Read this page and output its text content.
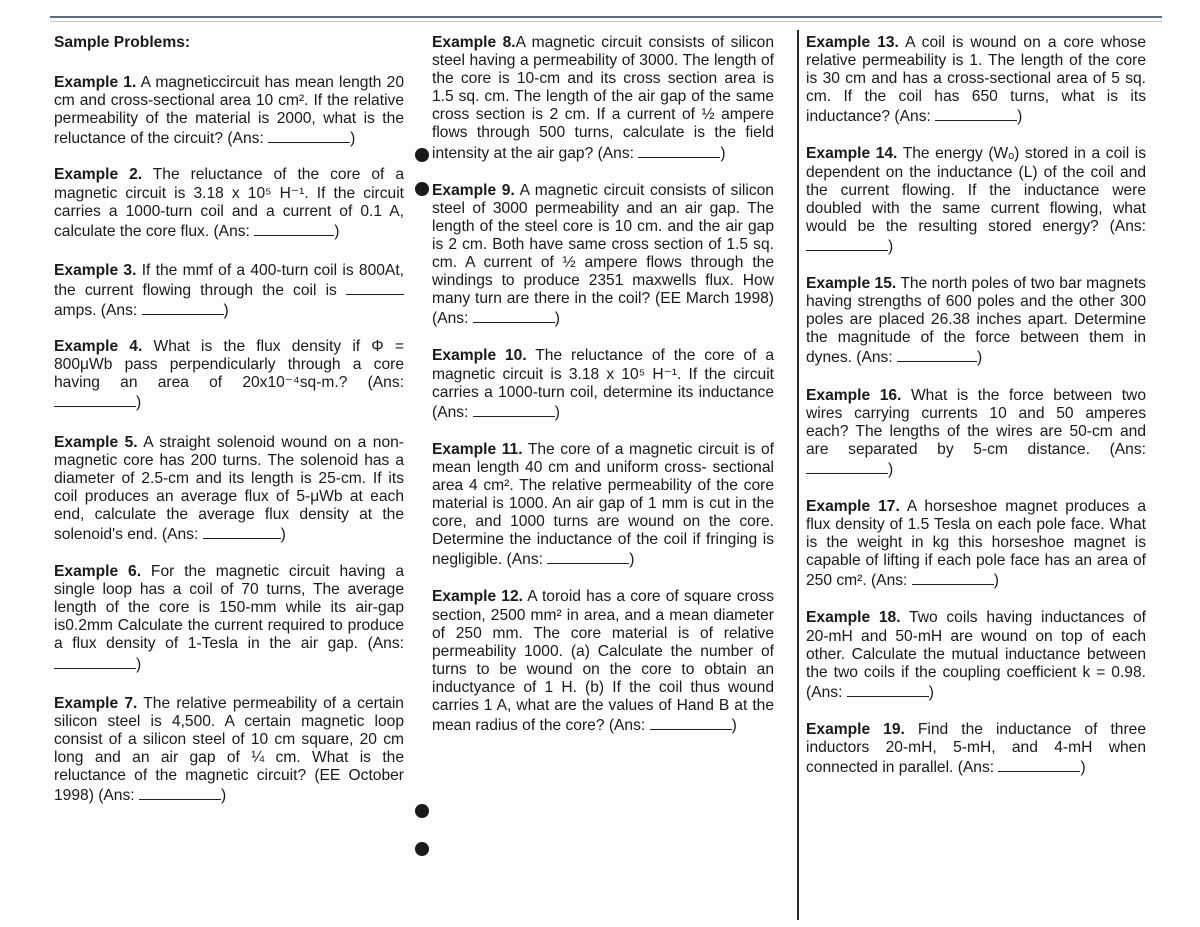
Sample Problems:
Example 1. A magneticcircuit has mean length 20 cm and cross-sectional area 10 cm². If the relative permeability of the material is 2000, what is the reluctance of the circuit? (Ans:	)
Example 2. The reluctance of the core of a magnetic circuit is 3.18 x 10⁵ H⁻¹. If the circuit carries a 1000-turn coil and a current of 0.1 A, calculate the core flux. (Ans:	)
Example 3. If the mmf of a 400-turn coil is 800At, the current flowing through the coil is  amps. (Ans:	)
Example 4. What is the flux density if Φ = 800μWb pass perpendicularly through a core having an area of 20x10⁻⁴sq-m.? (Ans: )
Example 5. A straight solenoid wound on a non-magnetic core has 200 turns. The solenoid has a diameter of 2.5-cm and its length is 25-cm. If its coil produces an average flux of 5-μWb at each end, calculate the average flux density at the solenoid's end. (Ans:	)
Example 6. For the magnetic circuit having a single loop has a coil of 70 turns, The average length of the core is 150-mm while its air-gap is0.2mm Calculate the current required to produce a flux density of 1-Tesla in the air gap. (Ans: )
Example 7. The relative permeability of a certain silicon steel is 4,500. A certain magnetic loop consist of a silicon steel of 10 cm square, 20 cm long and an air gap of ¼ cm. What is the reluctance of the magnetic circuit? (EE October 1998) (Ans:	)
Example 8.A magnetic circuit consists of silicon steel having a permeability of 3000. The length of the core is 10-cm and its cross section area is 1.5 sq. cm. The length of the air gap of the same cross section is 2 cm. If a current of ½ ampere flows through 500 turns, calculate is the field intensity at the air gap? (Ans:	)
Example 9. A magnetic circuit consists of silicon steel of 3000 permeability and an air gap. The length of the steel core is 10 cm. and the air gap is 2 cm. Both have same cross section of 1.5 sq. cm. A current of ½ ampere flows through the windings to produce 2351 maxwells flux. How many turn are there in the coil? (EE March 1998) (Ans:	)
Example 10. The reluctance of the core of a magnetic circuit is 3.18 x 10⁵ H⁻¹. If the circuit carries a 1000-turn coil, determine its inductance (Ans:	)
Example 11. The core of a magnetic circuit is of mean length 40 cm and uniform cross- sectional area 4 cm². The relative permeability of the core material is 1000. An air gap of 1 mm is cut in the core, and 1000 turns are wound on the core. Determine the inductance of the coil if fringing is negligible. (Ans:	)
Example 12. A toroid has a core of square cross section, 2500 mm² in area, and a mean diameter of 250 mm. The core material is of relative permeability 1000. (a) Calculate the number of turns to be wound on the core to obtain an inductyance of 1 H. (b) If the coil thus wound carries 1 A, what are the values of Hand B at the mean radius of the core? (Ans:	)
Example 13. A coil is wound on a core whose relative permeability is 1. The length of the core is 30 cm and has a cross-sectional area of 5 sq. cm. If the coil has 650 turns, what is its inductance? (Ans:	)
Example 14. The energy (Wₒ) stored in a coil is dependent on the inductance (L) of the coil and the current flowing. If the inductance were doubled with the same current flowing, what would be the resulting stored energy? (Ans: )
Example 15. The north poles of two bar magnets having strengths of 600 poles and the other 300 poles are placed 26.38 inches apart. Determine the magnitude of the force between them in dynes. (Ans:	)
Example 16. What is the force between two wires carrying currents 10 and 50 amperes each? The lengths of the wires are 50-cm and are separated by 5-cm distance. (Ans: )
Example 17. A horseshoe magnet produces a flux density of 1.5 Tesla on each pole face. What is the weight in kg this horseshoe magnet is capable of lifting if each pole face has an area of 250 cm². (Ans:	)
Example 18. Two coils having inductances of 20-mH and 50-mH are wound on top of each other. Calculate the mutual inductance between the two coils if the coupling coefficient k = 0.98. (Ans:	)
Example 19. Find the inductance of three inductors 20-mH, 5-mH, and 4-mH when connected in parallel. (Ans:	)
